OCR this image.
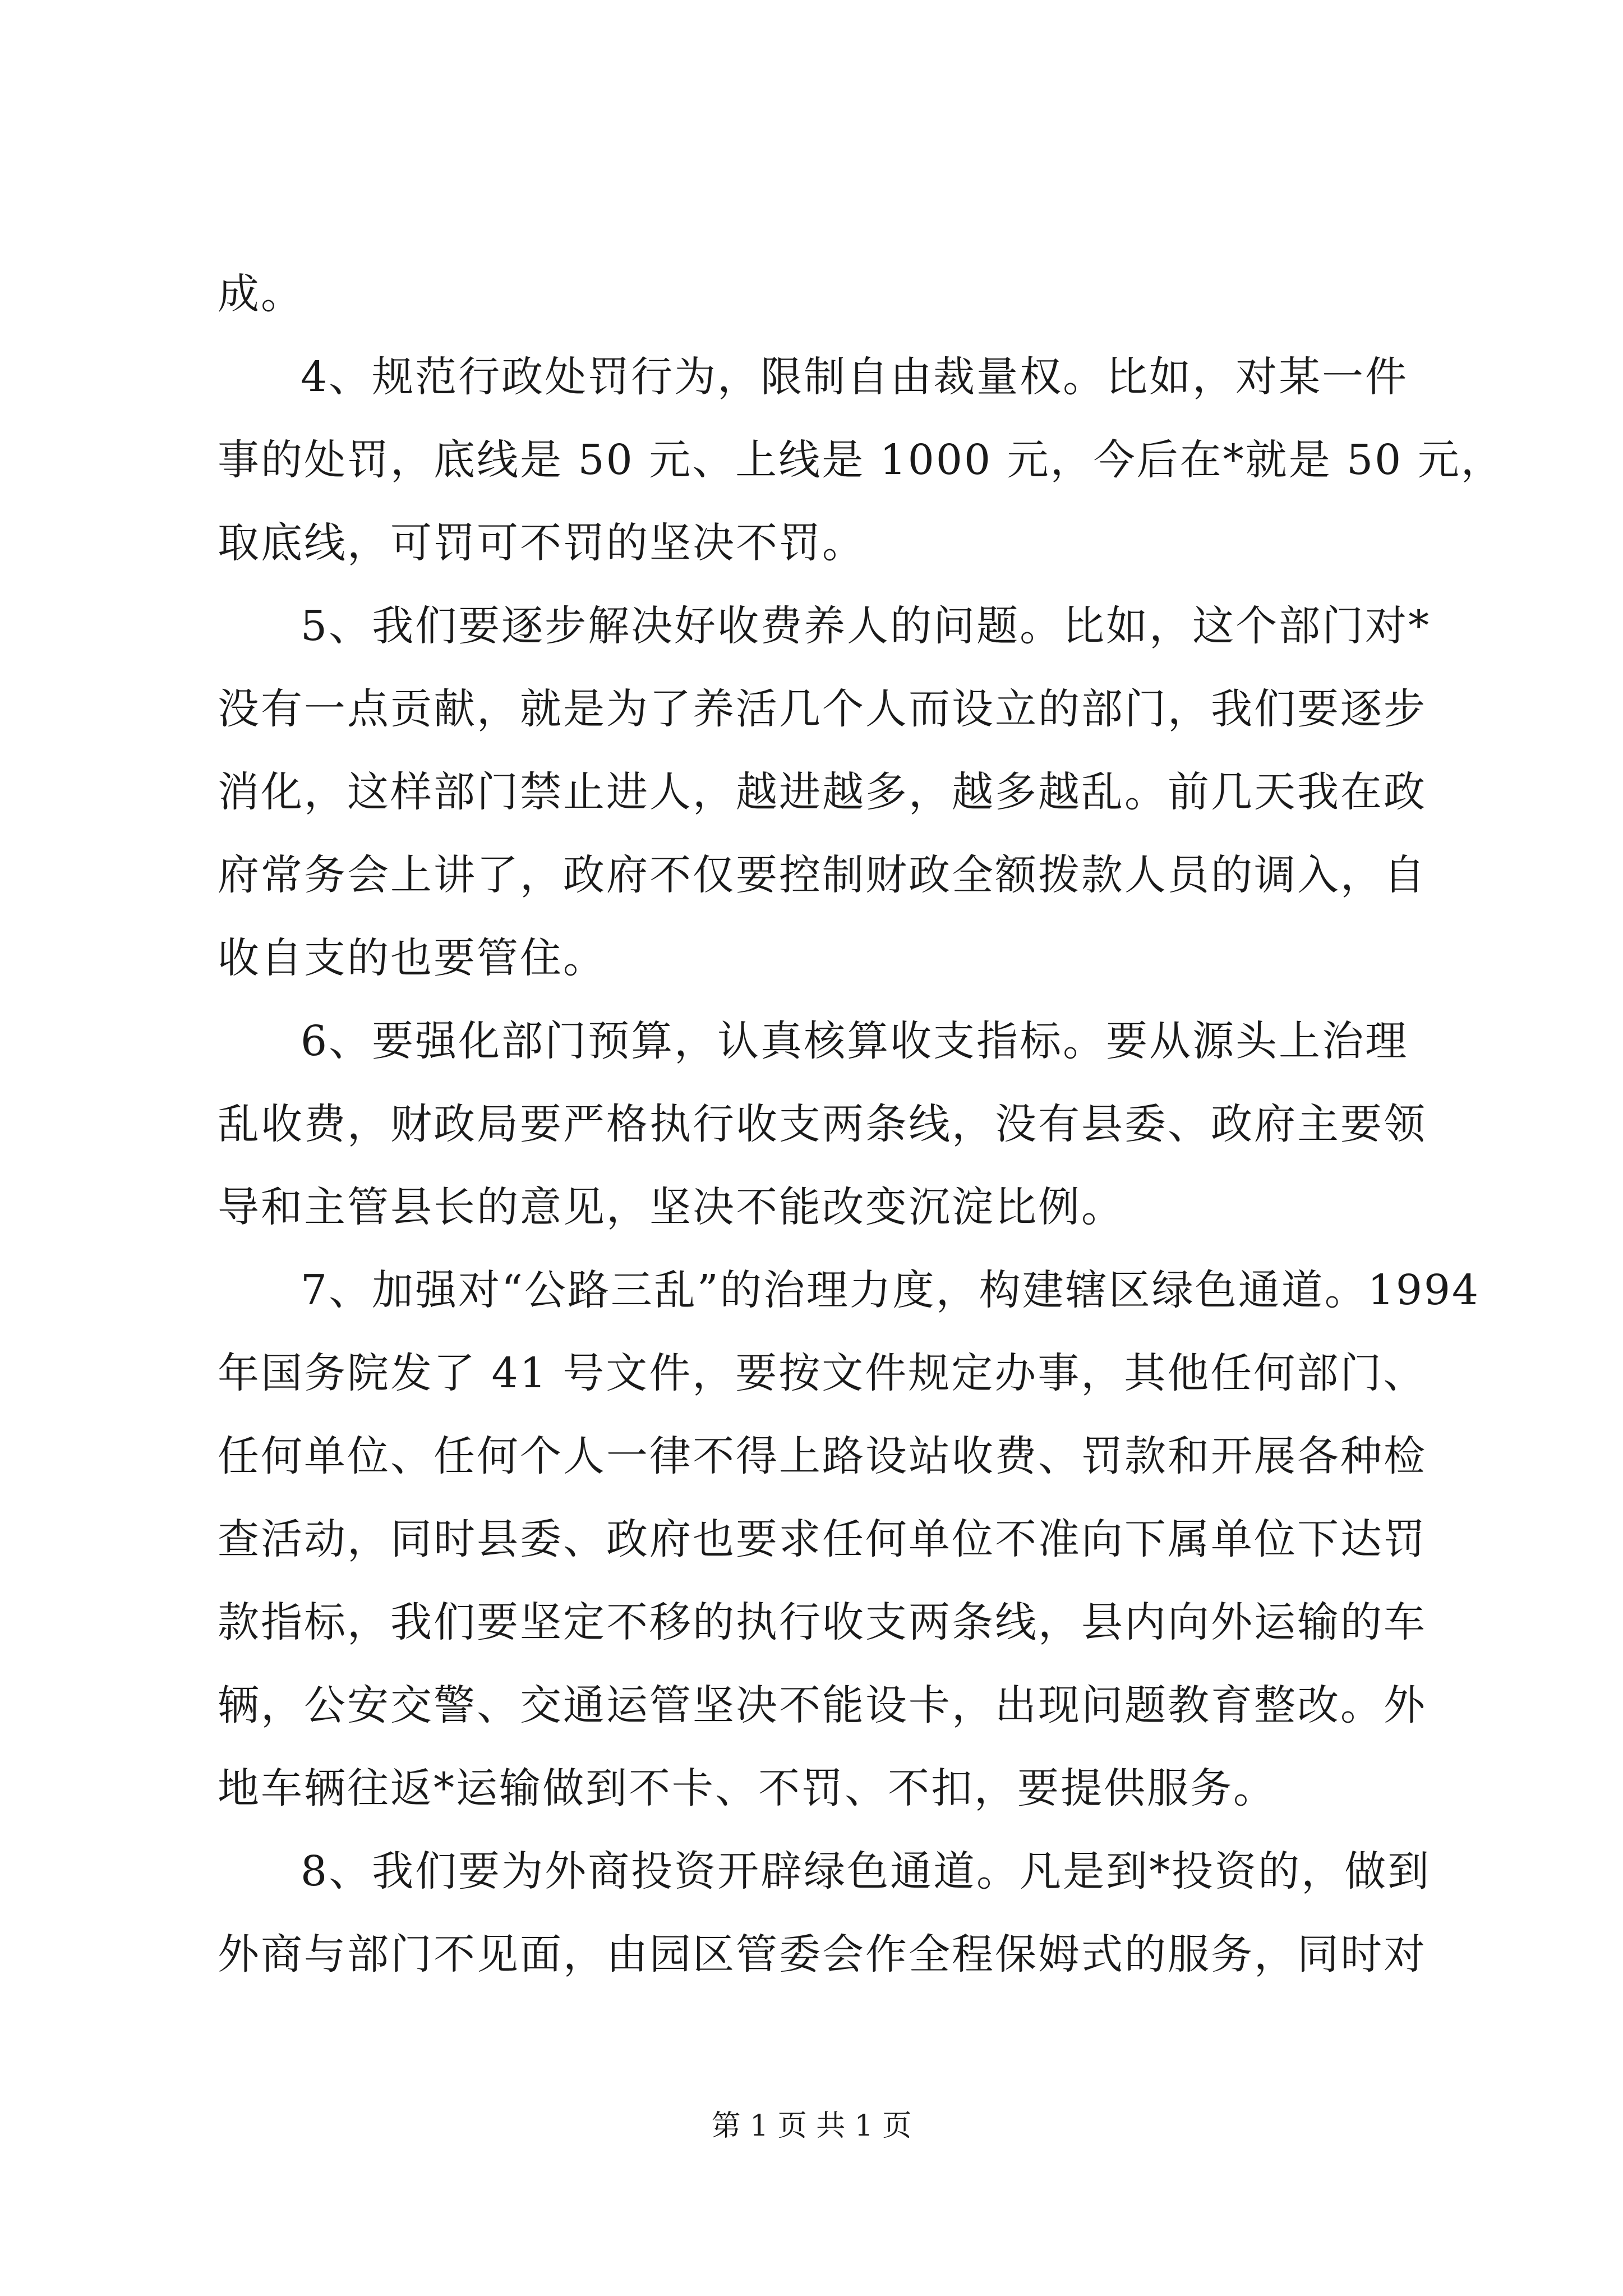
成。
4、规范行政处罚行为，限制自由裁量权。比如，对某一件
事的处罚，底线是 50 元、上线是 1000 元，今后在*就是 50 元，
取底线，可罚可不罚的坚决不罚。
5、我们要逐步解决好收费养人的问题。比如，这个部门对*
没有一点贡献，就是为了养活几个人而设立的部门，我们要逐步
消化，这样部门禁止进人，越进越多，越多越乱。前几天我在政
府常务会上讲了，政府不仅要控制财政全额拨款人员的调入，自
收自支的也要管住。
6、要强化部门预算，认真核算收支指标。要从源头上治理
乱收费，财政局要严格执行收支两条线，没有县委、政府主要领
导和主管县长的意见，坚决不能改变沉淀比例。
7、加强对“公路三乱”的治理力度，构建辖区绿色通道。1994
年国务院发了 41 号文件，要按文件规定办事，其他任何部门、
任何单位、任何个人一律不得上路设站收费、罚款和开展各种检
查活动，同时县委、政府也要求任何单位不准向下属单位下达罚
款指标，我们要坚定不移的执行收支两条线，县内向外运输的车
辆，公安交警、交通运管坚决不能设卡，出现问题教育整改。外
地车辆往返*运输做到不卡、不罚、不扣，要提供服务。
8、我们要为外商投资开辟绿色通道。凡是到*投资的，做到
外商与部门不见面，由园区管委会作全程保姆式的服务，同时对
第 1 页 共 1 页
